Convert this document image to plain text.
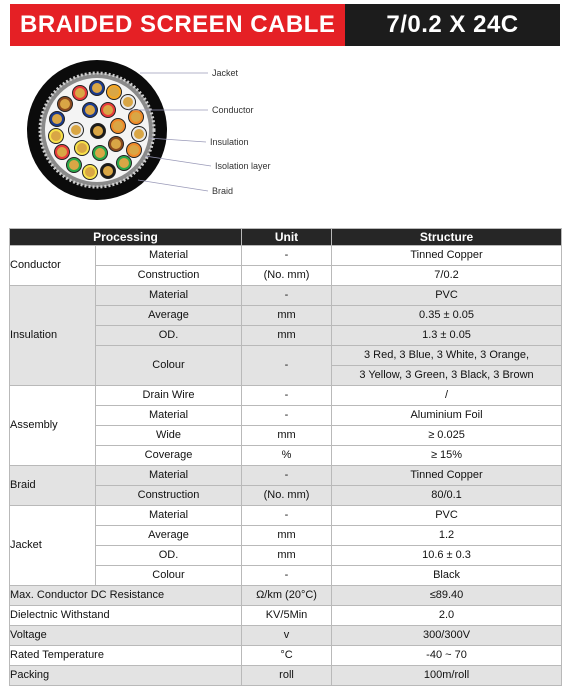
BRAIDED SCREEN CABLE	7/0.2 X 24C
Jacket
Conductor
Insulation
Isolation layer
Braid
Processing		Unit	Structure
Conductor	Material	-	Tinned Copper
	Construction	(No. mm)	7/0.2
Insulation	Material	-	PVC
	Average	mm	0.35 ± 0.05
	OD.	mm	1.3 ± 0.05
	Colour	-	3 Red, 3 Blue, 3 White, 3 Orange,
			3 Yellow, 3 Green, 3 Black, 3 Brown
Assembly	Drain Wire	-	/
	Material	-	Aluminium Foil
	Wide	mm	≥ 0.025
	Coverage	%	≥ 15%
Braid	Material	-	Tinned Copper
	Construction	(No. mm)	80/0.1
Jacket	Material	-	PVC
	Average	mm	1.2
	OD.	mm	10.6 ± 0.3
	Colour	-	Black
Max. Conductor DC Resistance		Ω/km (20°C)	≤89.40
Dielectnic Withstand		KV/5Min	2.0
Voltage		v	300/300V
Rated Temperature		°C	-40 ~ 70
Packing		roll	100m/roll
